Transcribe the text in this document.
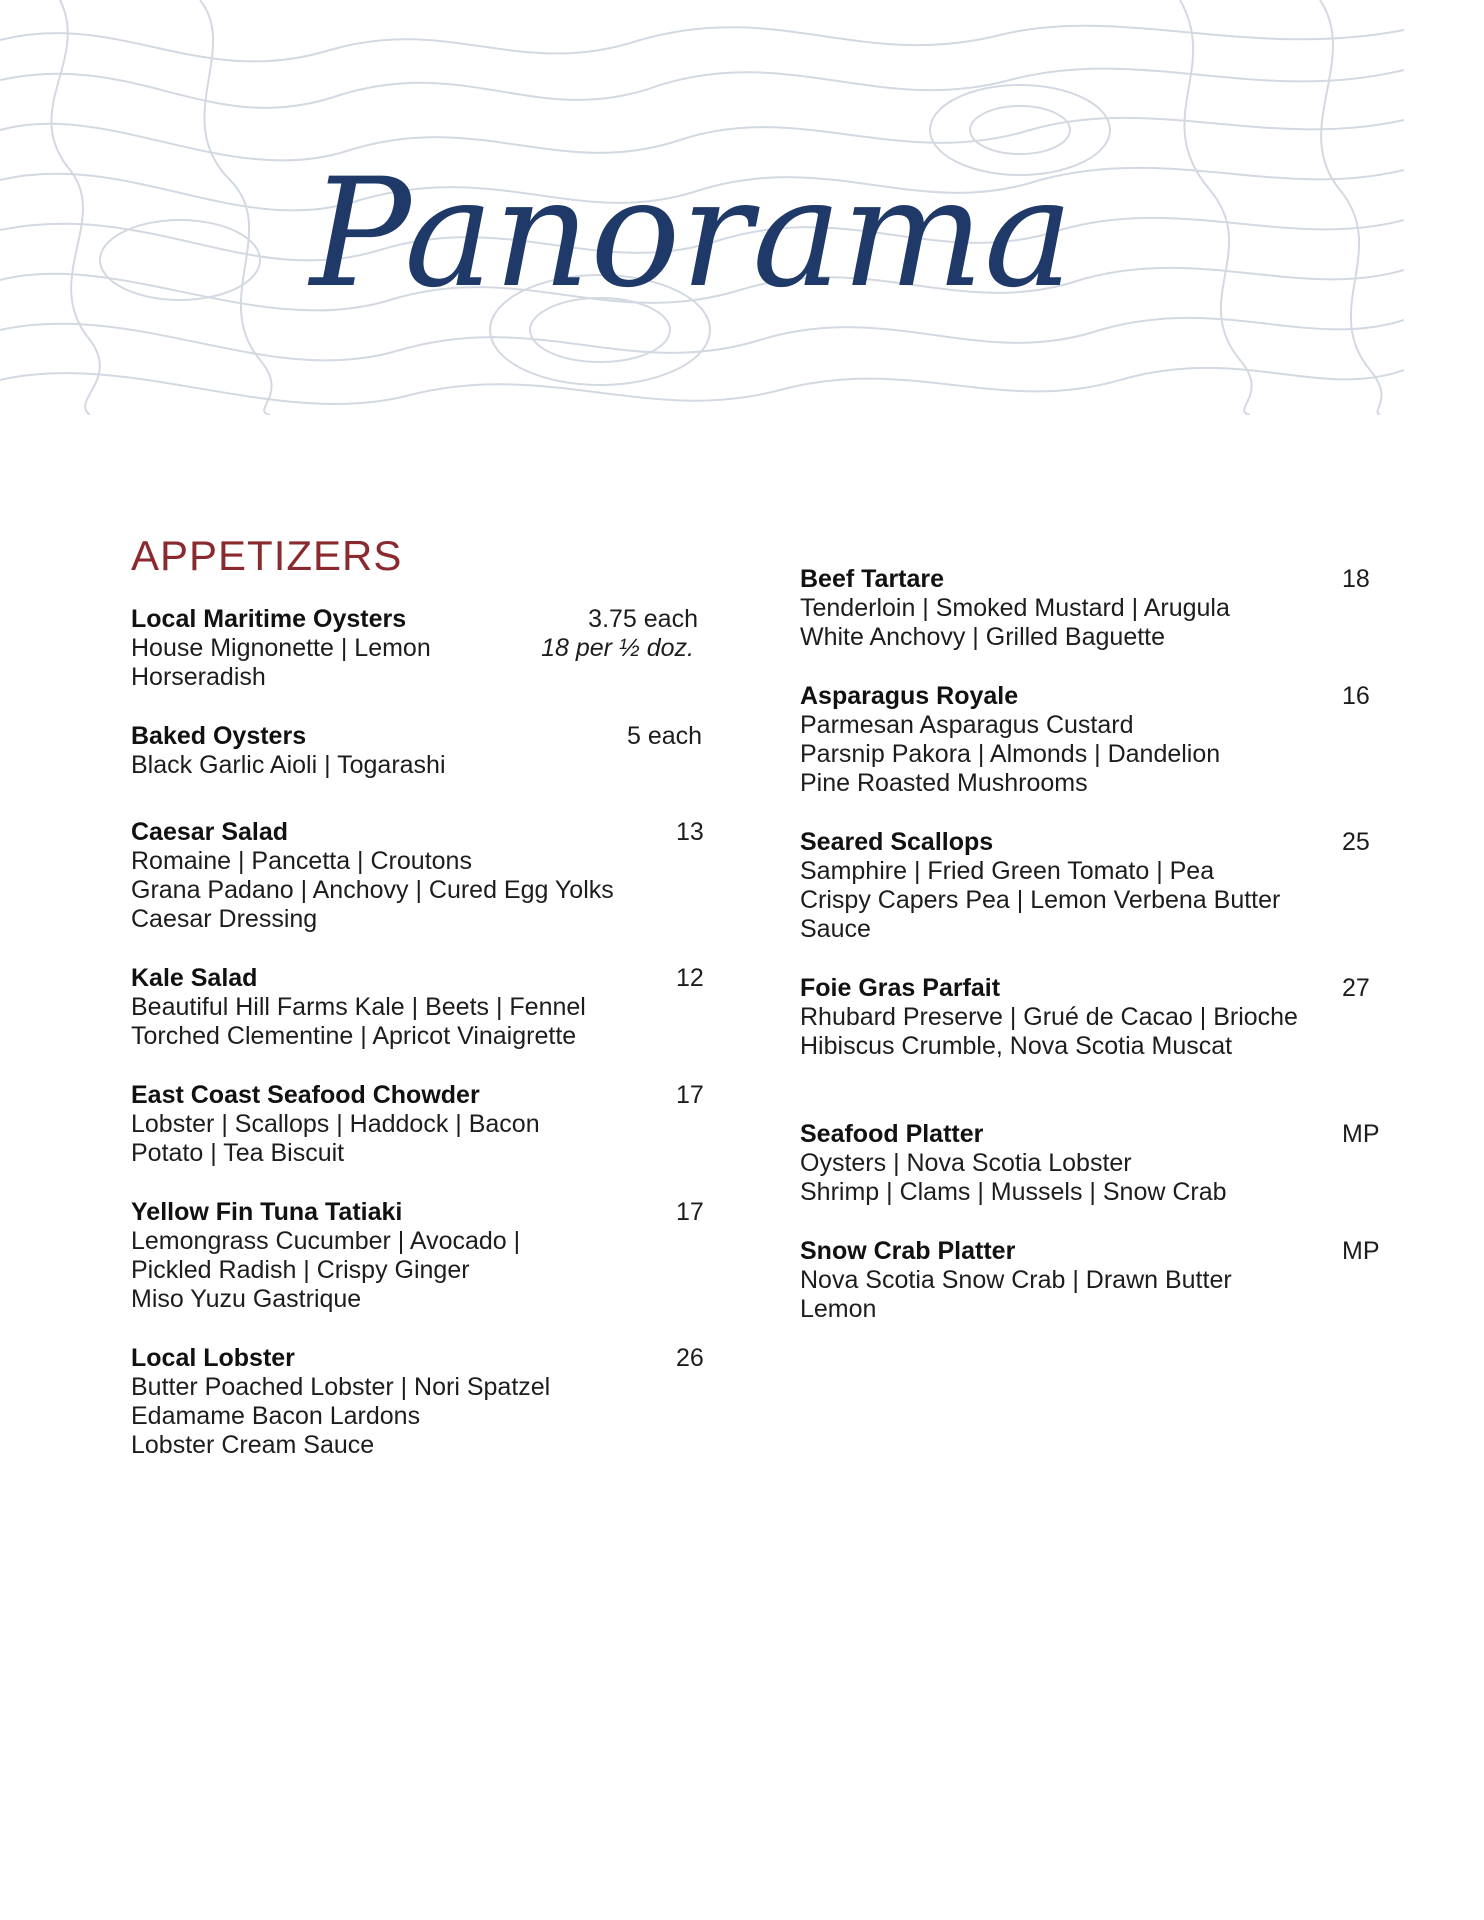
Panorama
APPETIZERS
Local Maritime Oysters	3.75 each
18 per ½ doz.
House Mignonette | Lemon
Horseradish
Baked Oysters	5 each
Black Garlic Aioli | Togarashi
Caesar Salad	13
Romaine | Pancetta | Croutons
Grana Padano | Anchovy | Cured Egg Yolks
Caesar Dressing
Kale Salad	12
Beautiful Hill Farms Kale | Beets | Fennel
Torched Clementine | Apricot Vinaigrette
East Coast Seafood Chowder	17
Lobster | Scallops | Haddock | Bacon
Potato | Tea Biscuit
Yellow Fin Tuna Tatiaki	17
Lemongrass Cucumber | Avocado |
Pickled Radish | Crispy Ginger
Miso Yuzu Gastrique
Local Lobster	26
Butter Poached Lobster | Nori Spatzel
Edamame Bacon Lardons
Lobster Cream Sauce
Beef Tartare	18
Tenderloin | Smoked Mustard | Arugula
White Anchovy | Grilled Baguette
Asparagus Royale	16
Parmesan Asparagus Custard
Parsnip Pakora | Almonds | Dandelion
Pine Roasted Mushrooms
Seared Scallops	25
Samphire | Fried Green Tomato | Pea
Crispy Capers Pea | Lemon Verbena Butter
Sauce
Foie Gras Parfait	27
Rhubard Preserve | Grué de Cacao | Brioche
Hibiscus Crumble, Nova Scotia Muscat
Seafood Platter	MP
Oysters | Nova Scotia Lobster
Shrimp | Clams | Mussels | Snow Crab
Snow Crab Platter	MP
Nova Scotia Snow Crab | Drawn Butter
Lemon
